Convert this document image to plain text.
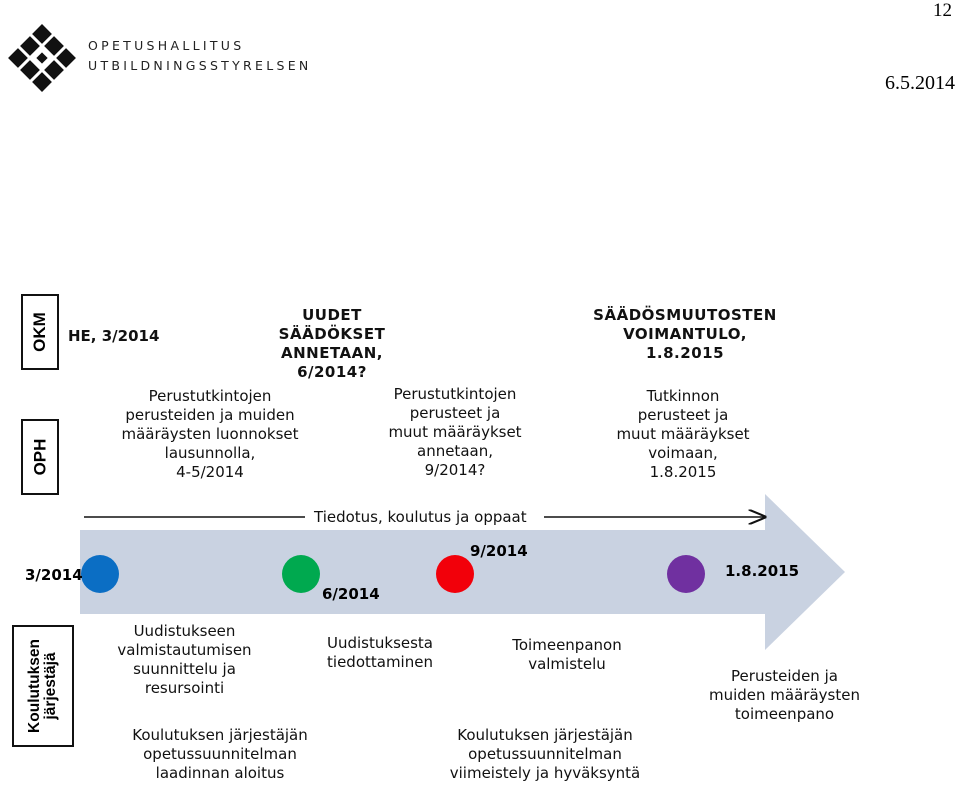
12
6.5.2014
OPETUSHALLITUS
UTBILDNINGSSTYRELSEN
OKM
OPH
Koulutuksen
järjestäjä
HE, 3/2014
UUDET
SÄÄDÖKSET
ANNETAAN,
6/2014?
SÄÄDÖSMUUTOSTEN
VOIMANTULO,
1.8.2015
Perustutkintojen
perusteiden ja muiden
määräysten luonnokset
lausunnolla,
4-5/2014
Perustutkintojen
perusteet ja
muut määräykset
annetaan,
9/2014?
Tutkinnon
perusteet ja
muut määräykset
voimaan,
1.8.2015
Tiedotus, koulutus ja oppaat
3/2014
6/2014
9/2014
1.8.2015
Uudistukseen
valmistautumisen
suunnittelu ja
resursointi
Uudistuksesta
tiedottaminen
Toimeenpanon
valmistelu
Perusteiden ja
muiden määräysten
toimeenpano
Koulutuksen järjestäjän
opetussuunnitelman
laadinnan aloitus
Koulutuksen järjestäjän
opetussuunnitelman
viimeistely ja hyväksyntä
